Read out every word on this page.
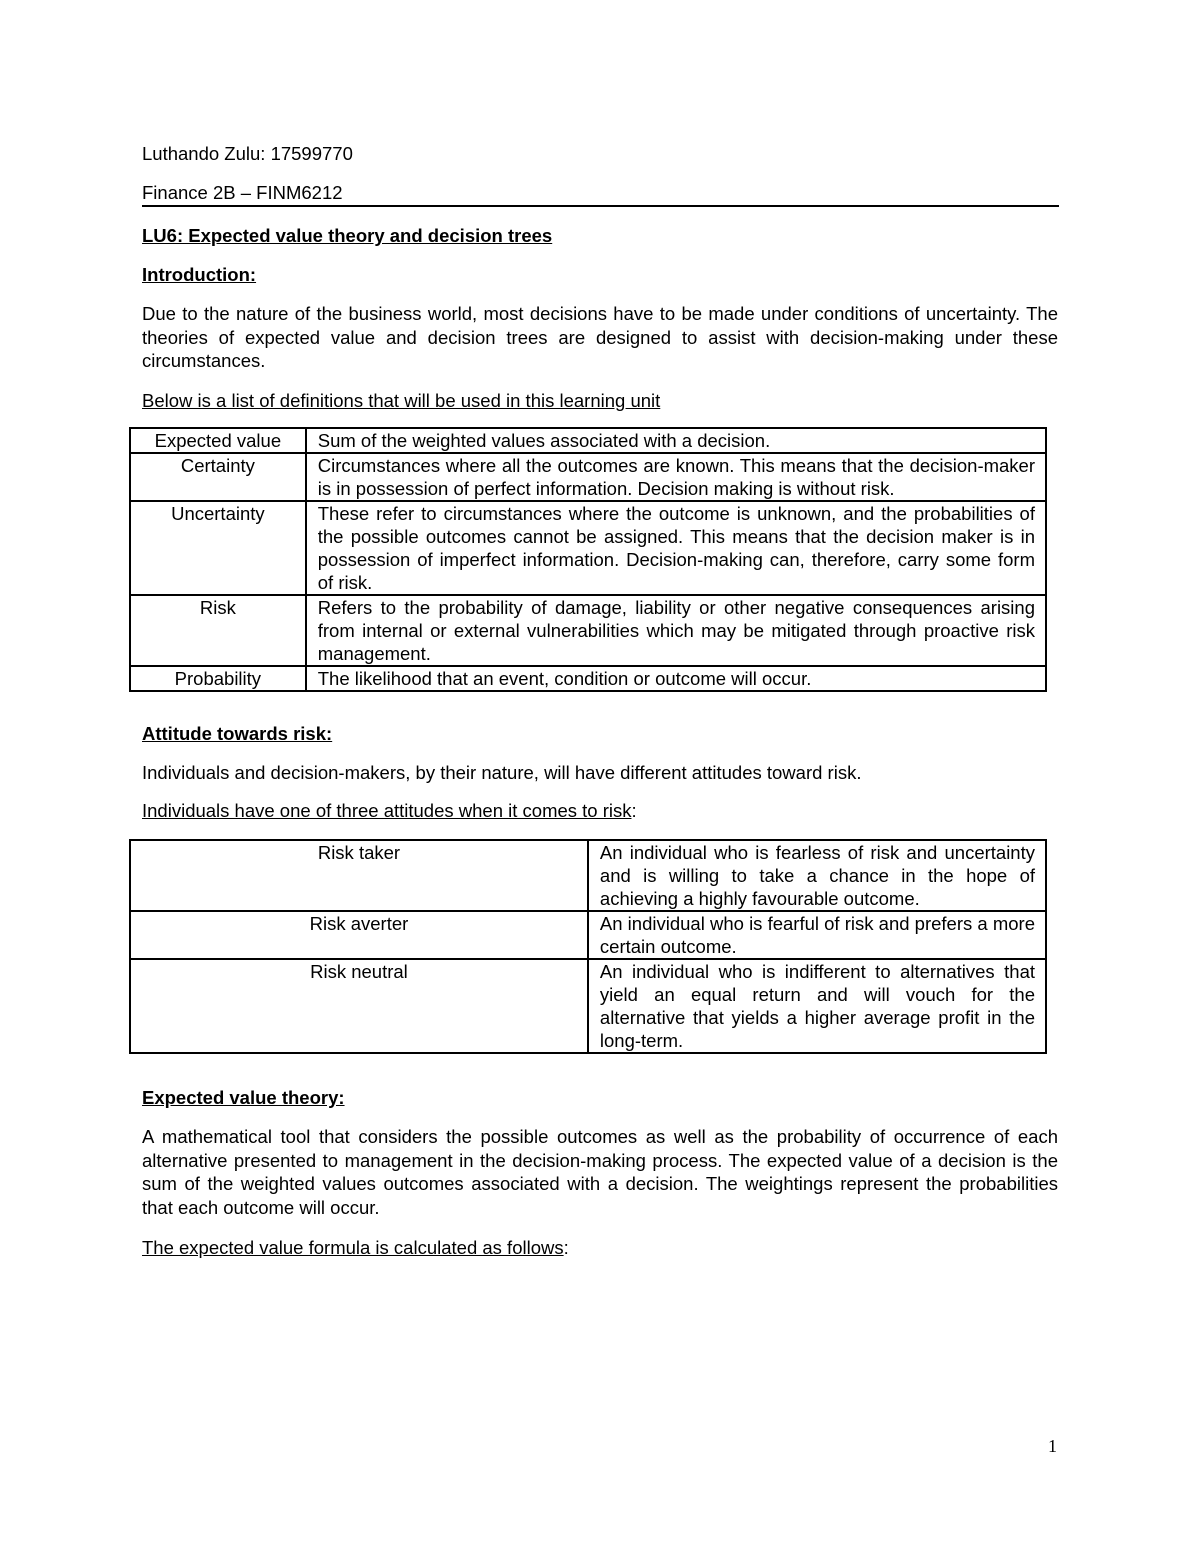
Luthando Zulu: 17599770
Finance 2B – FINM6212
LU6: Expected value theory and decision trees
Introduction:
Due to the nature of the business world, most decisions have to be made under conditions of uncertainty. The theories of expected value and decision trees are designed to assist with decision-making under these circumstances.
Below is a list of definitions that will be used in this learning unit
Expected value	Sum of the weighted values associated with a decision.
Certainty	Circumstances where all the outcomes are known. This means that the decision-maker is in possession of perfect information. Decision making is without risk.
Uncertainty	These refer to circumstances where the outcome is unknown, and the probabilities of the possible outcomes cannot be assigned. This means that the decision maker is in possession of imperfect information. Decision-making can, therefore, carry some form of risk.
Risk	Refers to the probability of damage, liability or other negative consequences arising from internal or external vulnerabilities which may be mitigated through proactive risk management.
Probability	The likelihood that an event, condition or outcome will occur.
Attitude towards risk:
Individuals and decision-makers, by their nature, will have different attitudes toward risk.
Individuals have one of three attitudes when it comes to risk:
Risk taker	An individual who is fearless of risk and uncertainty and is willing to take a chance in the hope of achieving a highly favourable outcome.
Risk averter	An individual who is fearful of risk and prefers a more certain outcome.
Risk neutral	An individual who is indifferent to alternatives that yield an equal return and will vouch for the alternative that yields a higher average profit in the long-term.
Expected value theory:
A mathematical tool that considers the possible outcomes as well as the probability of occurrence of each alternative presented to management in the decision-making process. The expected value of a decision is the sum of the weighted values outcomes associated with a decision. The weightings represent the probabilities that each outcome will occur.
The expected value formula is calculated as follows:
1
